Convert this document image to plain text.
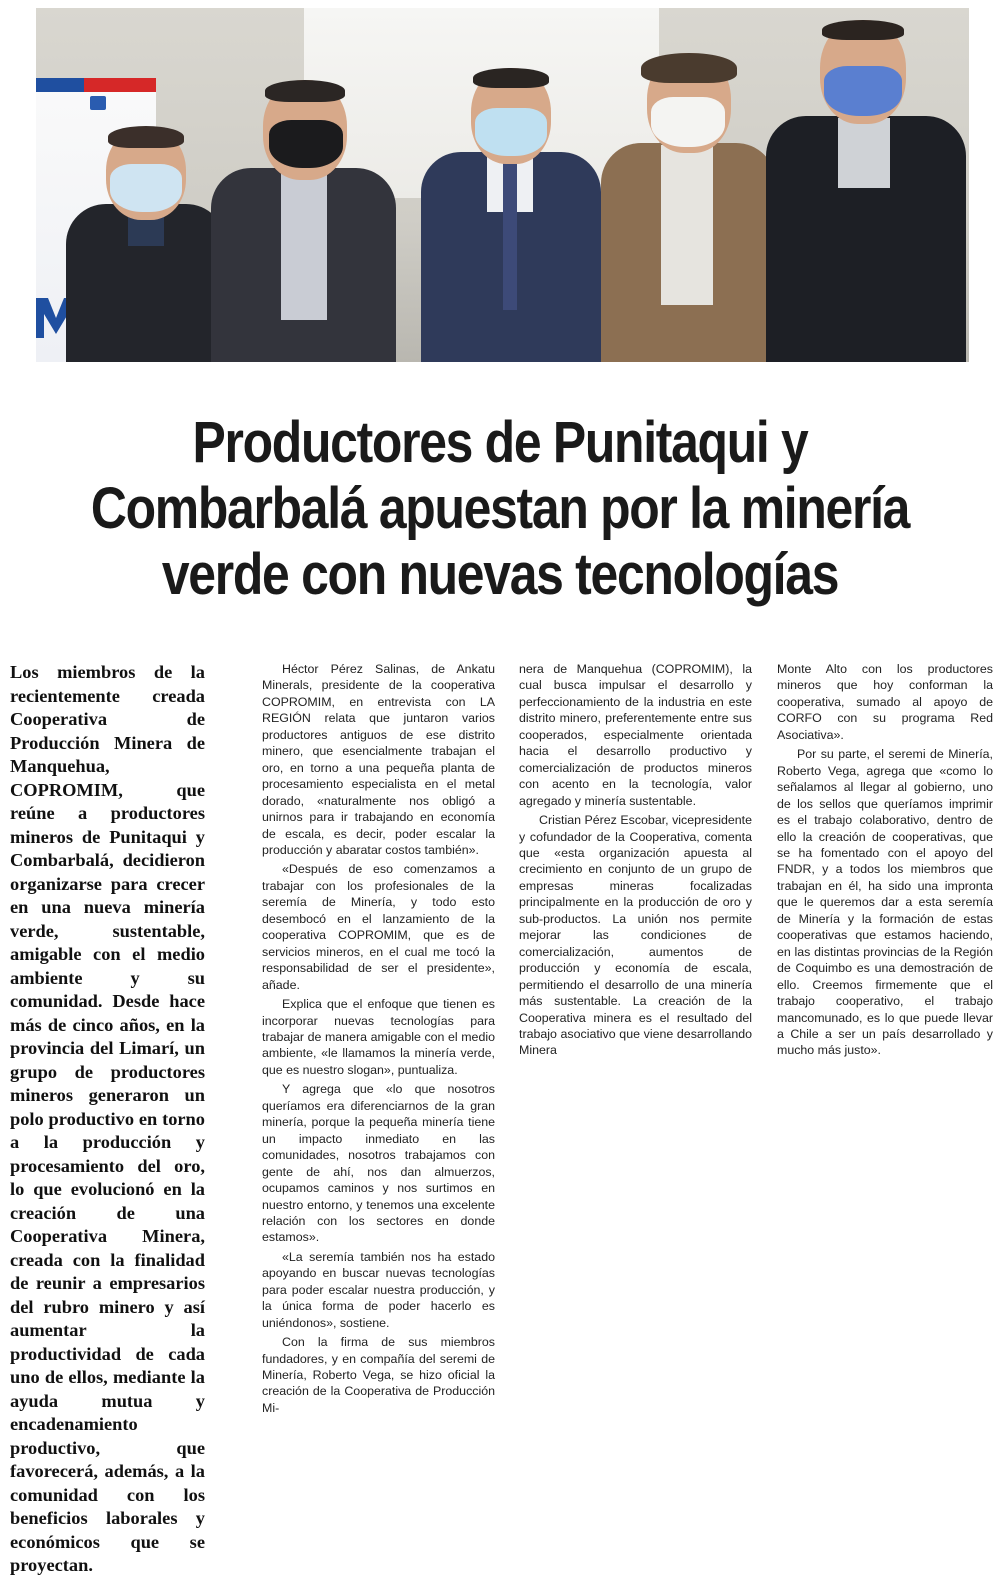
Productores de Punitaqui y
Combarbalá apuestan por la minería
verde con nuevas tecnologías

Los miembros de la recientemente creada Cooperativa de Producción Minera de Manquehua, COPROMIM, que reúne a productores mineros de Punitaqui y Combarbalá, decidieron organizarse para crecer en una nueva minería verde, sustentable, amigable con el medio ambiente y su comunidad. Desde hace más de cinco años, en la provincia del Limarí, un grupo de productores mineros generaron un polo productivo en torno a la producción y procesamiento del oro, lo que evolucionó en la creación de una Cooperativa Minera, creada con la finalidad de reunir a empresarios del rubro minero y así aumentar la productividad de cada uno de ellos, mediante la ayuda mutua y encadenamiento productivo, que favorecerá, además, a la comunidad con los beneficios laborales y económicos que se proyectan.

Héctor Pérez Salinas, de Ankatu Minerals, presidente de la cooperativa COPROMIM, en entrevista con LA REGIÓN relata que juntaron varios productores antiguos de ese distrito minero, que esencialmente trabajan el oro, en torno a una pequeña planta de procesamiento especialista en el metal dorado, «naturalmente nos obligó a unirnos para ir trabajando en economía de escala, es decir, poder escalar la producción y abaratar costos también».

«Después de eso comenzamos a trabajar con los profesionales de la seremía de Minería, y todo esto desembocó en el lanzamiento de la cooperativa COPROMIM, que es de servicios mineros, en el cual me tocó la responsabilidad de ser el presidente», añade.

Explica que el enfoque que tienen es incorporar nuevas tecnologías para trabajar de manera amigable con el medio ambiente, «le llamamos la minería verde, que es nuestro slogan», puntualiza.

Y agrega que «lo que nosotros queríamos era diferenciarnos de la gran minería, porque la pequeña minería tiene un impacto inmediato en las comunidades, nosotros trabajamos con gente de ahí, nos dan almuerzos, ocupamos caminos y nos surtimos en nuestro entorno, y tenemos una excelente relación con los sectores en donde estamos».

«La seremía también nos ha estado apoyando en buscar nuevas tecnologías para poder escalar nuestra producción, y la única forma de poder hacerlo es uniéndonos», sostiene.

Con la firma de sus miembros fundadores, y en compañía del seremi de Minería, Roberto Vega, se hizo oficial la creación de la Cooperativa de Producción Mi-

nera de Manquehua (COPROMIM), la cual busca impulsar el desarrollo y perfeccionamiento de la industria en este distrito minero, preferentemente entre sus cooperados, especialmente orientada hacia el desarrollo productivo y comercialización de productos mineros con acento en la tecnología, valor agregado y minería sustentable.

Cristian Pérez Escobar, vicepresidente y cofundador de la Cooperativa, comenta que «esta organización apuesta al crecimiento en conjunto de un grupo de empresas mineras focalizadas principalmente en la producción de oro y sub-productos. La unión nos permite mejorar las condiciones de comercialización, aumentos de producción y economía de escala, permitiendo el desarrollo de una minería más sustentable. La creación de la Cooperativa minera es el resultado del trabajo asociativo que viene desarrollando Minera

Monte Alto con los productores mineros que hoy conforman la cooperativa, sumado al apoyo de CORFO con su programa Red Asociativa».

Por su parte, el seremi de Minería, Roberto Vega, agrega que «como lo señalamos al llegar al gobierno, uno de los sellos que queríamos imprimir es el trabajo colaborativo, dentro de ello la creación de cooperativas, que se ha fomentado con el apoyo del FNDR, y a todos los miembros que trabajan en él, ha sido una impronta que le queremos dar a esta seremía de Minería y la formación de estas cooperativas que estamos haciendo, en las distintas provincias de la Región de Coquimbo es una demostración de ello. Creemos firmemente que el trabajo cooperativo, el trabajo mancomunado, es lo que puede llevar a Chile a ser un país desarrollado y mucho más justo».
